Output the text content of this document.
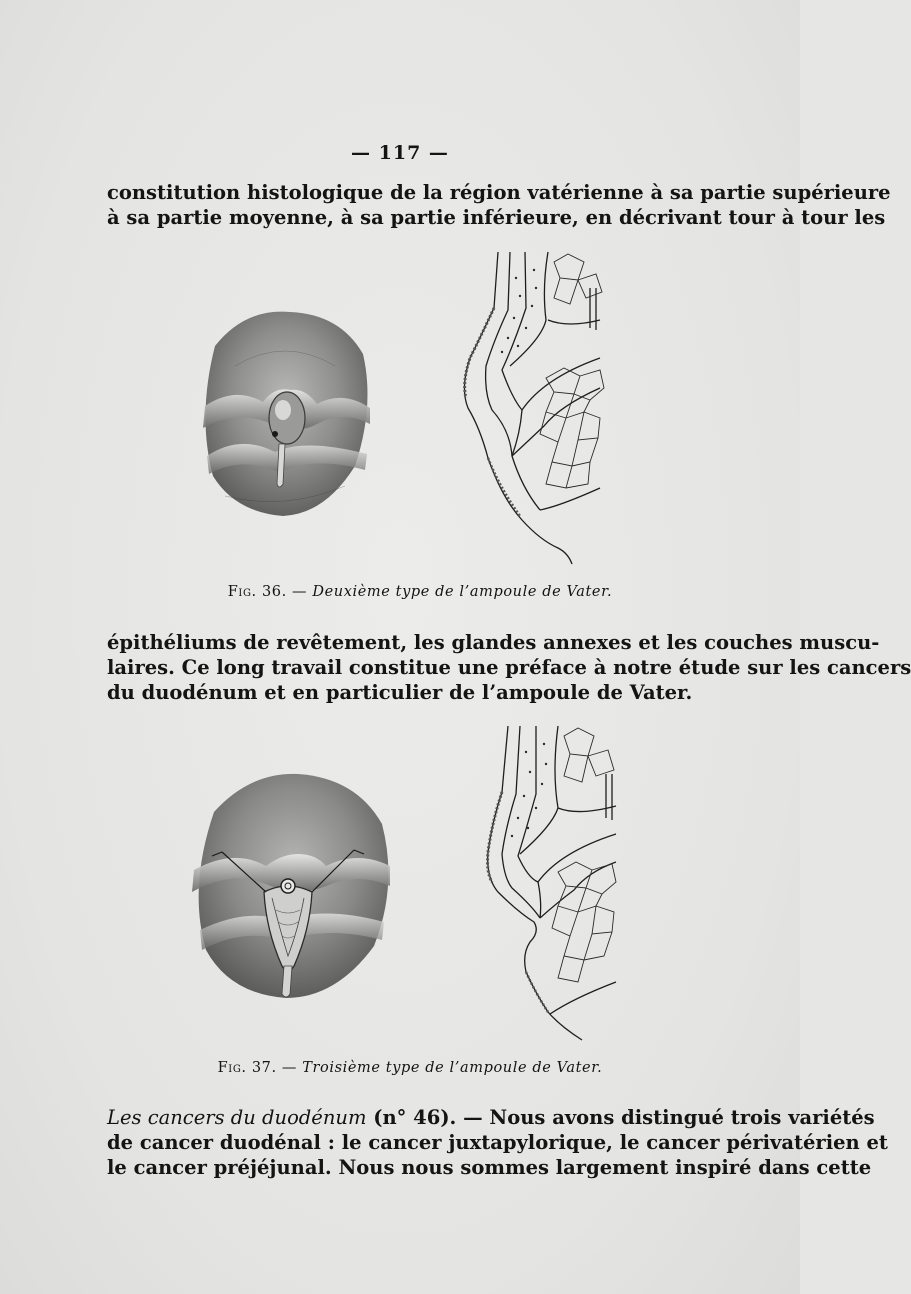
— 117 —
constitution histologique de la région vatérienne à sa partie supérieure
à sa partie moyenne, à sa partie inférieure, en décrivant tour à tour les
Fig. 36. — Deuxième type de l’ampoule de Vater.
épithéliums de revêtement, les glandes annexes et les couches muscu-
laires. Ce long travail constitue une préface à notre étude sur les cancers
du duodénum et en particulier de l’ampoule de Vater.
Fig. 37. — Troisième type de l’ampoule de Vater.
Les cancers du duodénum (n° 46). — Nous avons distingué trois variétés
de cancer duodénal : le cancer juxtapylorique, le cancer périvatérien et
le cancer préjéjunal. Nous nous sommes largement inspiré dans cette
